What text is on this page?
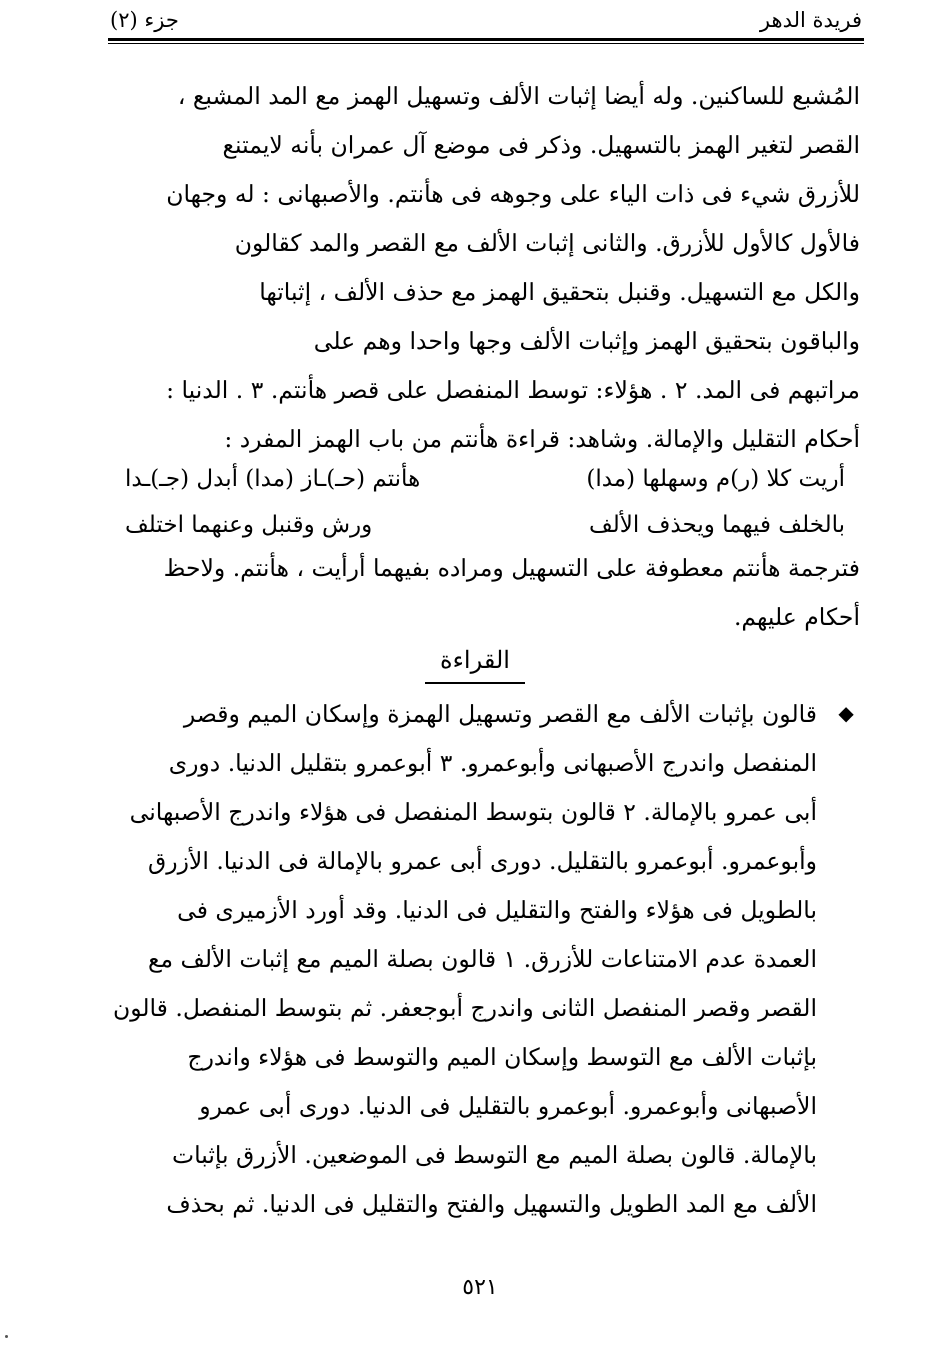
فريدة الدهر
جزء (٢)
المُشبع للساكنين. وله أيضا إثبات الألف وتسهيل الهمز مع المد المشبع ،
القصر لتغير الهمز بالتسهيل. وذكر فى موضع آل عمران بأنه لايمتنع
للأزرق شيء فى ذات الياء على وجوهه فى هأنتم. والأصبهانى : له وجهان
فالأول كالأول للأزرق. والثانى إثبات الألف مع القصر والمد كقالون
والكل مع التسهيل. وقنبل بتحقيق الهمز مع حذف الألف ، إثباتها
والباقون بتحقيق الهمز وإثبات الألف وجها واحدا وهم على
مراتبهم فى المد. ٢ . هؤلاء: توسط المنفصل على قصر هأنتم. ٣ . الدنيا :
أحكام التقليل والإمالة. وشاهد: قراءة هأنتم من باب الهمز المفرد :
أريت كلا (ر)م وسهلها (مدا)
هأنتم (حـ)ـاز (مدا) أبدل (جـ)ـدا
بالخلف فيهما ويحذف الألف
ورش وقنبل وعنهما اختلف
فترجمة هأنتم معطوفة على التسهيل ومراده بفيهما أرأيت ، هأنتم. ولاحظ
أحكام عليهم.
القراءة
◆
قالون بإثبات الألف مع القصر وتسهيل الهمزة وإسكان الميم وقصر
المنفصل واندرج الأصبهانى وأبوعمرو. ٣ أبوعمرو بتقليل الدنيا. دورى
أبى عمرو بالإمالة. ٢ قالون بتوسط المنفصل فى هؤلاء واندرج الأصبهانى
وأبوعمرو. أبوعمرو بالتقليل. دورى أبى عمرو بالإمالة فى الدنيا. الأزرق
بالطويل فى هؤلاء والفتح والتقليل فى الدنيا. وقد أورد الأزميرى فى
العمدة عدم الامتناعات للأزرق. ١ قالون بصلة الميم مع إثبات الألف مع
القصر وقصر المنفصل الثانى واندرج أبوجعفر. ثم بتوسط المنفصل. قالون
بإثبات الألف مع التوسط وإسكان الميم والتوسط فى هؤلاء واندرج
الأصبهانى وأبوعمرو. أبوعمرو بالتقليل فى الدنيا. دورى أبى عمرو
بالإمالة. قالون بصلة الميم مع التوسط فى الموضعين. الأزرق بإثبات
الألف مع المد الطويل والتسهيل والفتح والتقليل فى الدنيا. ثم بحذف
٥٢١
